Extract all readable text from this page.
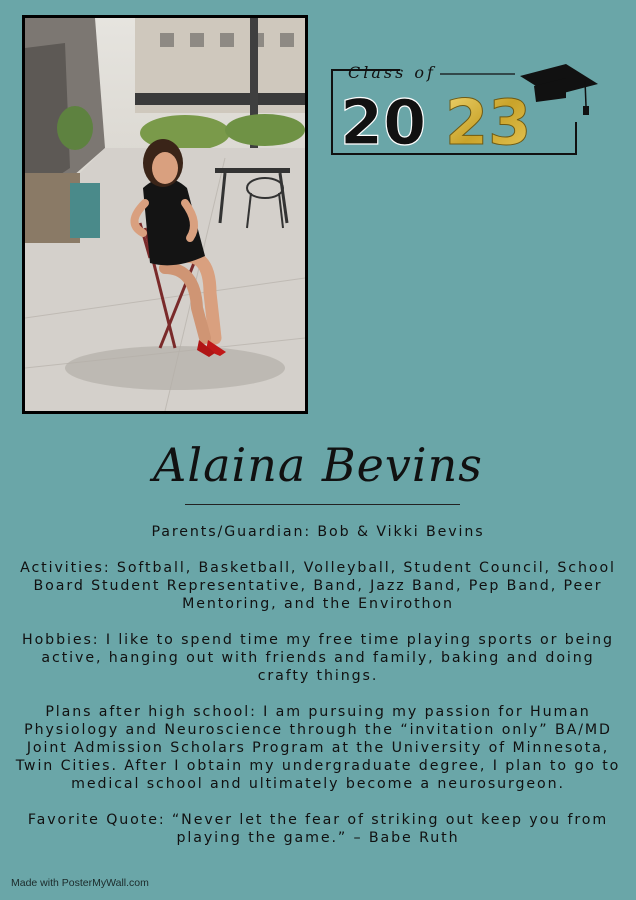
Class of
20 23
Alaina Bevins

Parents/Guardian: Bob & Vikki Bevins

Activities: Softball, Basketball, Volleyball, Student Council, School Board Student Representative, Band, Jazz Band, Pep Band, Peer Mentoring, and the Envirothon

Hobbies: I like to spend time my free time playing sports or being active, hanging out with friends and family, baking and doing crafty things.

Plans after high school: I am pursuing my passion for Human Physiology and Neuroscience through the “invitation only” BA/MD Joint Admission Scholars Program at the University of Minnesota, Twin Cities. After I obtain my undergraduate degree, I plan to go to medical school and ultimately become a neurosurgeon.

Favorite Quote: “Never let the fear of striking out keep you from playing the game.” – Babe Ruth

Made with PosterMyWall.com
